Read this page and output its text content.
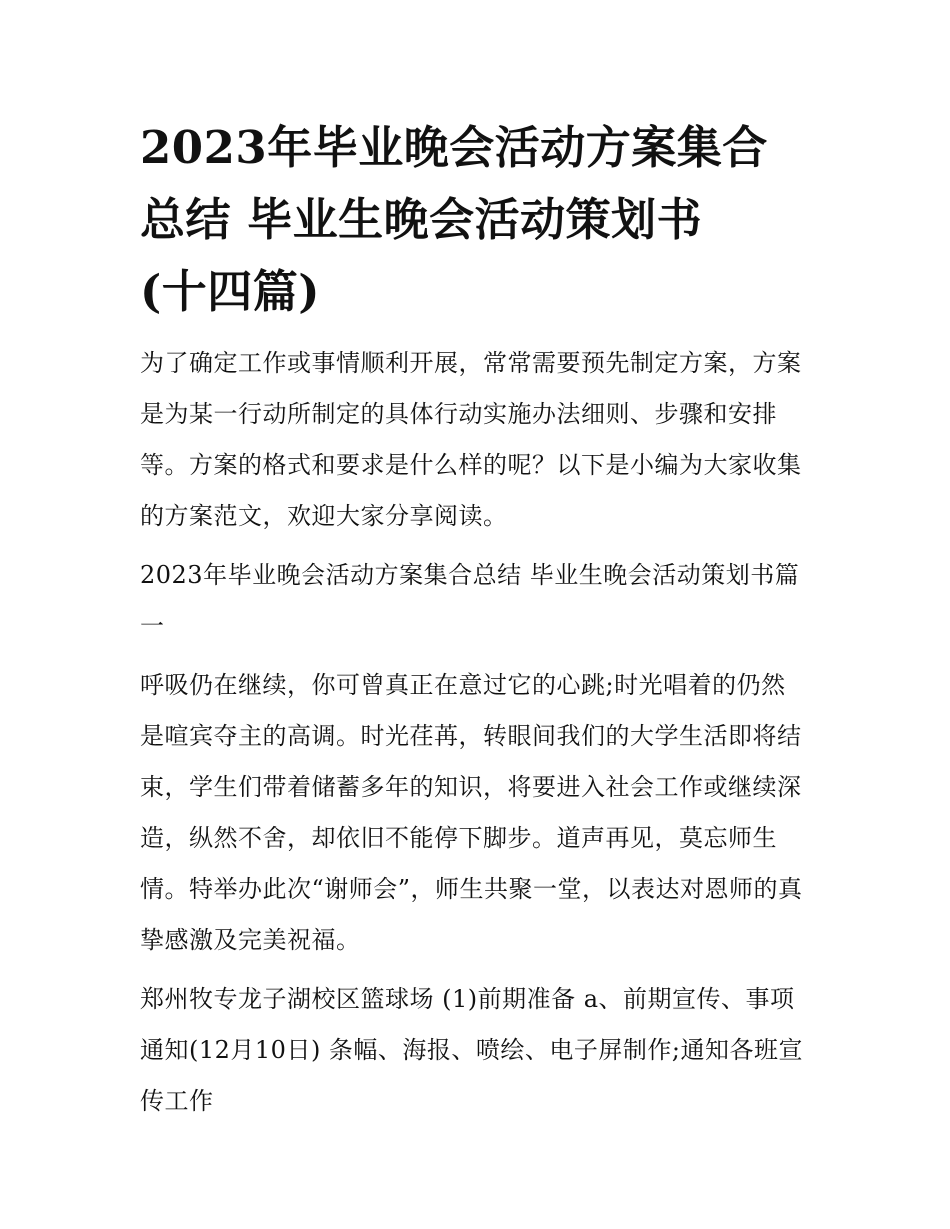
2023年毕业晚会活动方案集合
总结 毕业生晚会活动策划书
(十四篇)

为了确定工作或事情顺利开展，常常需要预先制定方案，方案
是为某一行动所制定的具体行动实施办法细则、步骤和安排
等。方案的格式和要求是什么样的呢？以下是小编为大家收集
的方案范文，欢迎大家分享阅读。

2023年毕业晚会活动方案集合总结 毕业生晚会活动策划书篇
一

呼吸仍在继续，你可曾真正在意过它的心跳;时光唱着的仍然
是喧宾夺主的高调。时光荏苒，转眼间我们的大学生活即将结
束，学生们带着储蓄多年的知识，将要进入社会工作或继续深
造，纵然不舍，却依旧不能停下脚步。道声再见，莫忘师生
情。特举办此次“谢师会”，师生共聚一堂，以表达对恩师的真
挚感激及完美祝福。

郑州牧专龙子湖校区篮球场 (1)前期准备 a、前期宣传、事项
通知(12月10日) 条幅、海报、喷绘、电子屏制作;通知各班宣
传工作
